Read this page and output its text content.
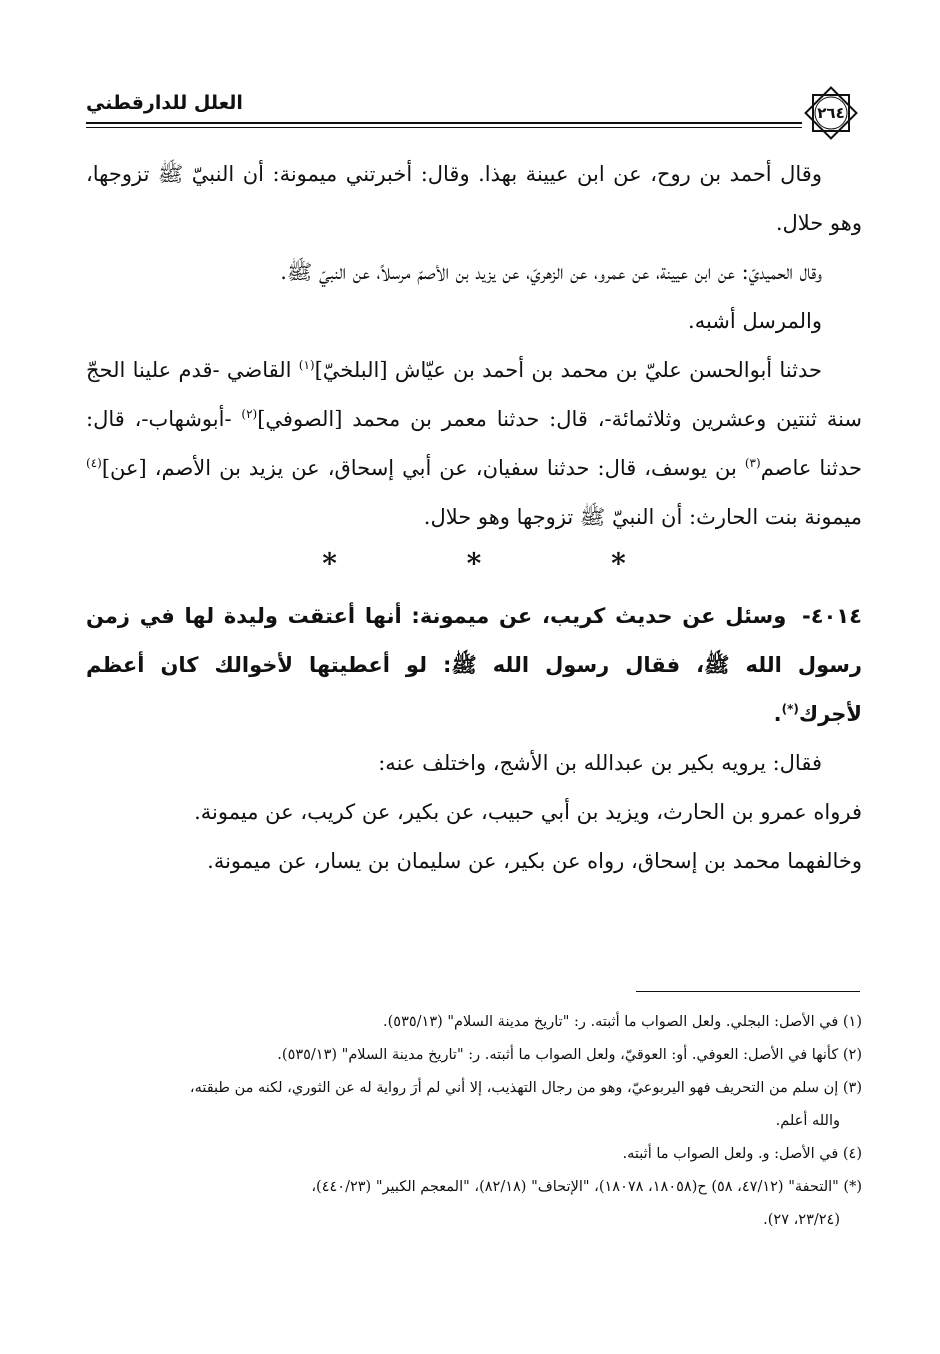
العلل للدارقطني	٢٦٤

وقال أحمد بن روح، عن ابن عيينة بهذا. وقال: أخبرتني ميمونة: أن النبيّ ﷺ تزوجها، وهو حلال.

وقال الحميديّ: عن ابن عيينة، عن عمرو، عن الزهريّ، عن يزيد بن الأصمّ مرسلاً، عن النبيّ ﷺ.

والمرسل أشبه.

حدثنا أبوالحسن عليّ بن محمد بن أحمد بن عيّاش [البلخيّ]$^{(١)}$ القاضي -قدم علينا الحجّ سنة ثنتين وعشرين وثلاثمائة-، قال: حدثنا معمر بن محمد [الصوفي]$^{(٢)}$ -أبوشهاب-، قال: حدثنا عاصم$^{(٣)}$ بن يوسف، قال: حدثنا سفيان، عن أبي إسحاق، عن يزيد بن الأصم، [عن]$^{(٤)}$ ميمونة بنت الحارث: أن النبيّ ﷺ تزوجها وهو حلال.

* * *

٤٠١٤- وسئل عن حديث كريب، عن ميمونة: أنها أعتقت وليدة لها في زمن رسول الله ﷺ، فقال رسول الله ﷺ: لو أعطيتها لأخوالك كان أعظم لأجرك(*).

فقال: يرويه بكير بن عبدالله بن الأشج، واختلف عنه:

فرواه عمرو بن الحارث، ويزيد بن أبي حبيب، عن بكير، عن كريب، عن ميمونة.

وخالفهما محمد بن إسحاق، رواه عن بكير، عن سليمان بن يسار، عن ميمونة.

(١) في الأصل: البجلي. ولعل الصواب ما أثبته. ر: "تاريخ مدينة السلام" (٥٣٥/١٣).

(٢) كأنها في الأصل: العوفي. أو: العوقيّ، ولعل الصواب ما أثبته. ر: "تاريخ مدينة السلام" (٥٣٥/١٣).

(٣) إن سلم من التحريف فهو اليربوعيّ، وهو من رجال التهذيب، إلا أني لم أرَ رواية له عن الثوري، لكنه من طبقته،

والله أعلم.

(٤) في الأصل: و. ولعل الصواب ما أثبته.

(*) "التحفة" (٤٧/١٢، ٥٨) ح(١٨٠٥٨، ١٨٠٧٨)، "الإتحاف" (٨٢/١٨)، "المعجم الكبير" (٤٤٠/٢٣)،

(٢٣/٢٤، ٢٧).
